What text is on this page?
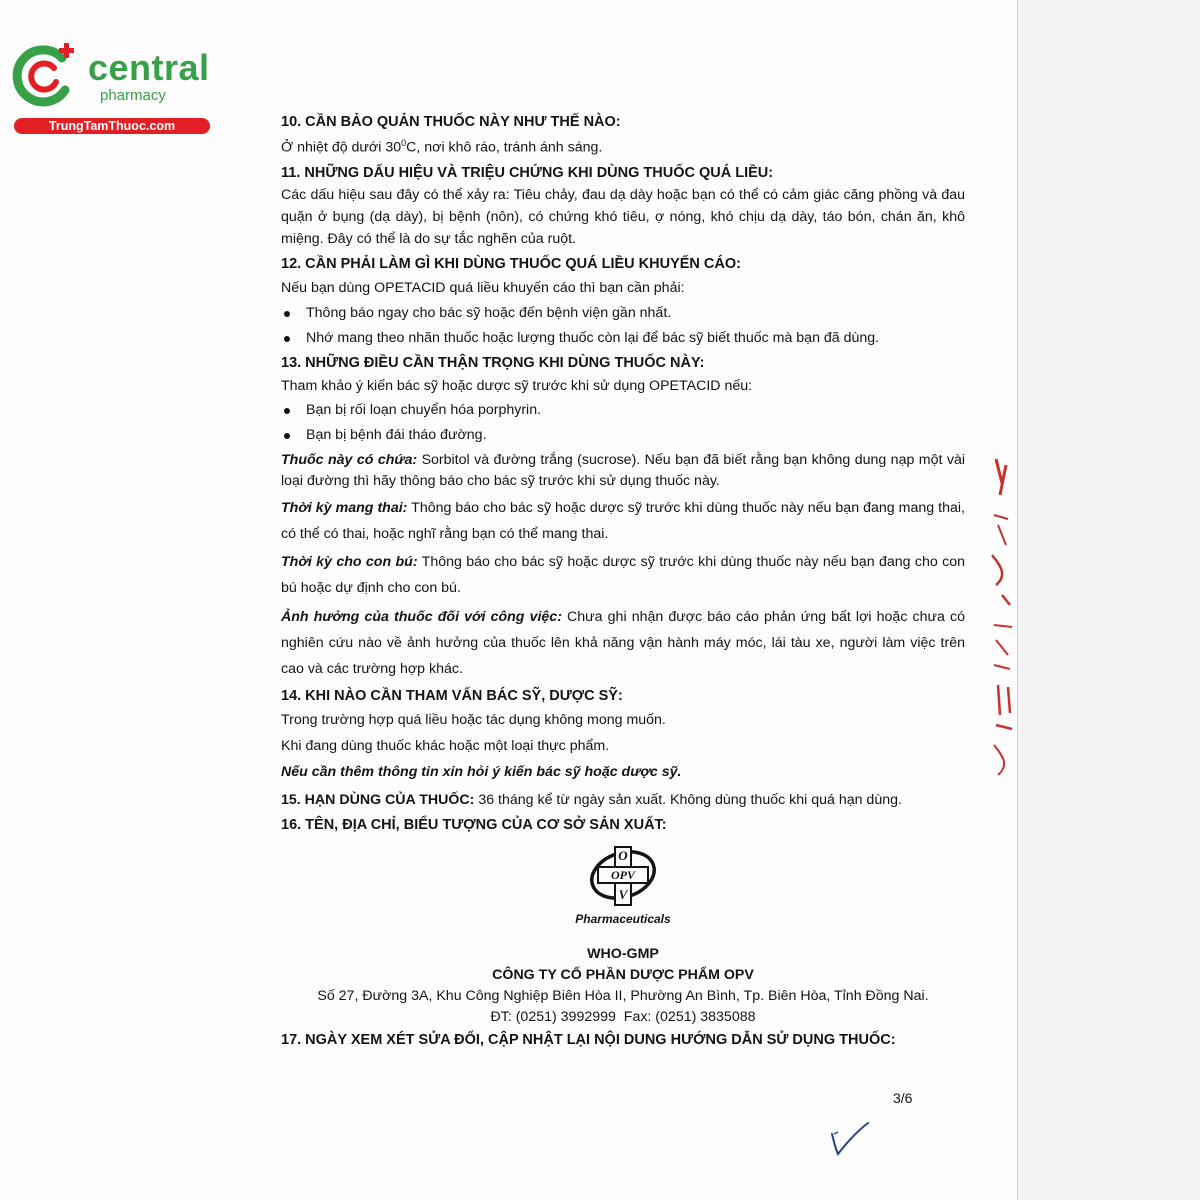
central
pharmacy
TrungTamThuoc.com	10. CẦN BẢO QUẢN THUỐC NÀY NHƯ THẾ NÀO:

Ở nhiệt độ dưới $30^0C$, nơi khô ráo, tránh ánh sáng.

11. NHỮNG DẤU HIỆU VÀ TRIỆU CHỨNG KHI DÙNG THUỐC QUÁ LIỀU:

Các dấu hiệu sau đây có thể xảy ra: Tiêu chảy, đau dạ dày hoặc bạn có thể có cảm giác căng phồng và đau quặn ở bụng (dạ dày), bị bệnh (nôn), có chứng khó tiêu, ợ nóng, khó chịu dạ dày, táo bón, chán ăn, khô miệng. Đây có thể là do sự tắc nghẽn của ruột.

12. CẦN PHẢI LÀM GÌ KHI DÙNG THUỐC QUÁ LIỀU KHUYẾN CÁO:

Nếu bạn dùng OPETACID quá liều khuyến cáo thì bạn cần phải:

Thông báo ngay cho bác sỹ hoặc đến bệnh viện gần nhất.

Nhớ mang theo nhãn thuốc hoặc lượng thuốc còn lại để bác sỹ biết thuốc mà bạn đã dùng.

13. NHỮNG ĐIỀU CẦN THẬN TRỌNG KHI DÙNG THUỐC NÀY:

Tham khảo ý kiến bác sỹ hoặc dược sỹ trước khi sử dụng OPETACID nếu:

Bạn bị rối loạn chuyển hóa porphyrin.

Bạn bị bệnh đái tháo đường.

Thuốc này có chứa: Sorbitol và đường trắng (sucrose). Nếu bạn đã biết rằng bạn không dung nạp một vài loại đường thì hãy thông báo cho bác sỹ trước khi sử dụng thuốc này.

Thời kỳ mang thai: Thông báo cho bác sỹ hoặc dược sỹ trước khi dùng thuốc này nếu bạn đang mang thai, có thể có thai, hoặc nghĩ rằng bạn có thể mang thai.

Thời kỳ cho con bú: Thông báo cho bác sỹ hoặc dược sỹ trước khi dùng thuốc này nếu bạn đang cho con bú hoặc dự định cho con bú.

Ảnh hưởng của thuốc đối với công việc: Chưa ghi nhận được báo cáo phản ứng bất lợi hoặc chưa có nghiên cứu nào về ảnh hưởng của thuốc lên khả năng vận hành máy móc, lái tàu xe, người làm việc trên cao và các trường hợp khác.

14. KHI NÀO CẦN THAM VẤN BÁC SỸ, DƯỢC SỸ:

Trong trường hợp quá liều hoặc tác dụng không mong muốn.

Khi đang dùng thuốc khác hoặc một loại thực phẩm.

Nếu cần thêm thông tin xin hỏi ý kiến bác sỹ hoặc dược sỹ.

15. HẠN DÙNG CỦA THUỐC: 36 tháng kể từ ngày sản xuất. Không dùng thuốc khi quá hạn dùng.

16. TÊN, ĐỊA CHỈ, BIỂU TƯỢNG CỦA CƠ SỞ SẢN XUẤT:

O
OPV
V

Pharmaceuticals

WHO-GMP

CÔNG TY CỔ PHẦN DƯỢC PHẨM OPV

Số 27, Đường 3A, Khu Công Nghiệp Biên Hòa II, Phường An Bình, Tp. Biên Hòa, Tỉnh Đồng Nai.

ĐT: (0251) 3992999  Fax: (0251) 3835088

17. NGÀY XEM XÉT SỬA ĐỔI, CẬP NHẬT LẠI NỘI DUNG HƯỚNG DẪN SỬ DỤNG THUỐC:

3/6
